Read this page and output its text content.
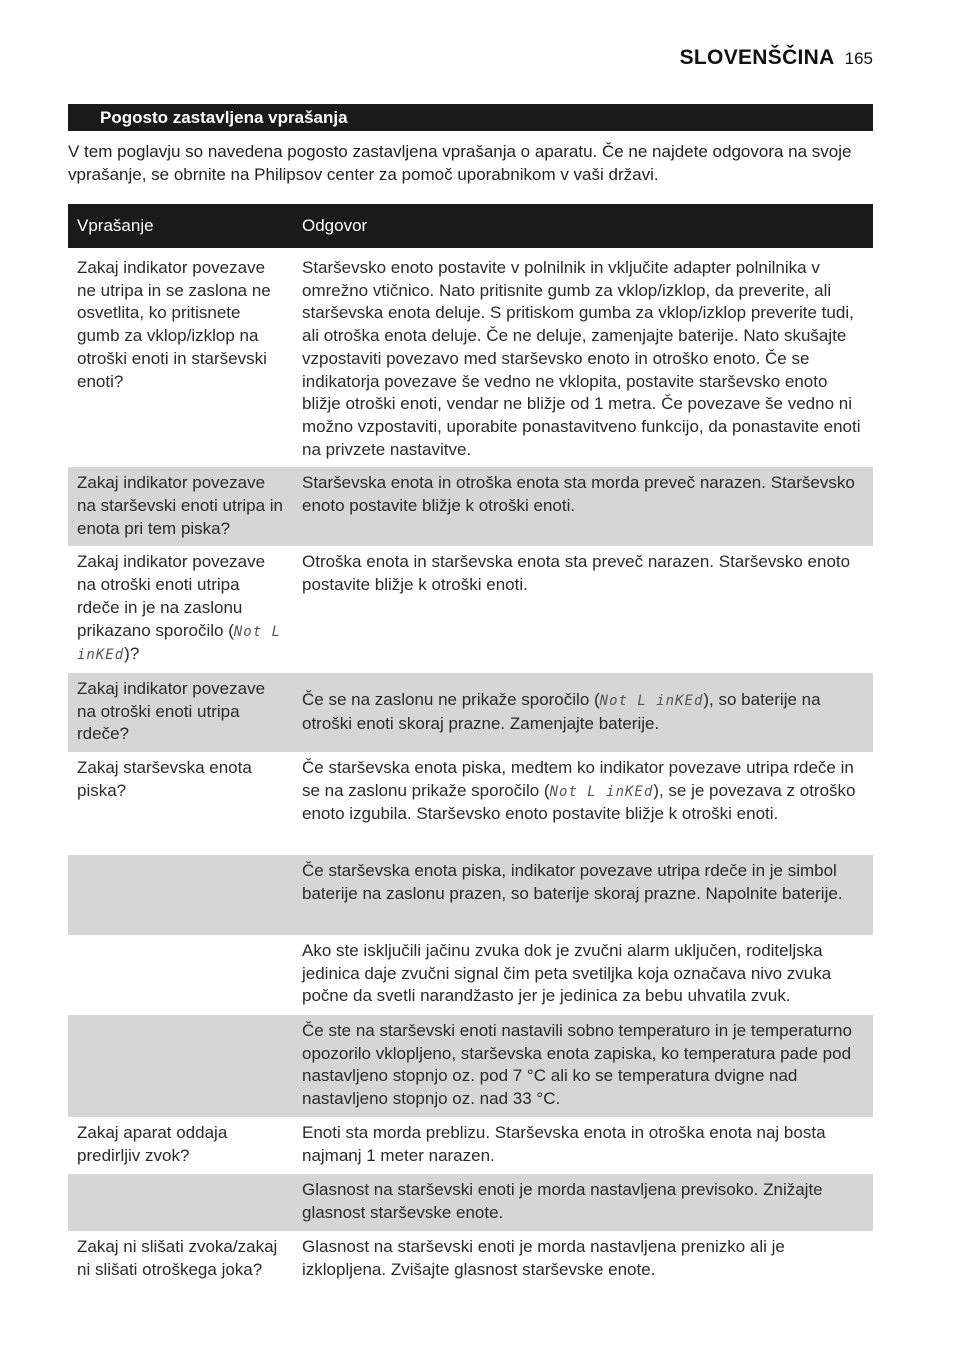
SLOVENŠČINA 165
Pogosto zastavljena vprašanja
V tem poglavju so navedena pogosto zastavljena vprašanja o aparatu. Če ne najdete odgovora na svoje vprašanje, se obrnite na Philipsov center za pomoč uporabnikom v vaši državi.
Vprašanje	Odgovor
Zakaj indikator povezave ne utripa in se zaslona ne osvetlita, ko pritisnete gumb za vklop/izklop na otroški enoti in starševski enoti?	Starševsko enoto postavite v polnilnik in vključite adapter polnilnika v omrežno vtičnico. Nato pritisnite gumb za vklop/izklop, da preverite, ali starševska enota deluje. S pritiskom gumba za vklop/izklop preverite tudi, ali otroška enota deluje. Če ne deluje, zamenjajte baterije. Nato skušajte vzpostaviti povezavo med starševsko enoto in otroško enoto. Če se indikatorja povezave še vedno ne vklopita, postavite starševsko enoto bližje otroški enoti, vendar ne bližje od 1 metra. Če povezave še vedno ni možno vzpostaviti, uporabite ponastavitveno funkcijo, da ponastavite enoti na privzete nastavitve.
Zakaj indikator povezave na starševski enoti utripa in enota pri tem piska?	Starševska enota in otroška enota sta morda preveč narazen. Starševsko enoto postavite bližje k otroški enoti.
Zakaj indikator povezave na otroški enoti utripa rdeče in je na zaslonu prikazano sporočilo (Not L inKEd)?	Otroška enota in starševska enota sta preveč narazen. Starševsko enoto postavite bližje k otroški enoti.
Zakaj indikator povezave na otroški enoti utripa rdeče?	Če se na zaslonu ne prikaže sporočilo (Not L inKEd), so baterije na otroški enoti skoraj prazne. Zamenjajte baterije.
Zakaj starševska enota piska?	Če starševska enota piska, medtem ko indikator povezave utripa rdeče in se na zaslonu prikaže sporočilo (Not L inKEd), se je povezava z otroško enoto izgubila. Starševsko enoto postavite bližje k otroški enoti.
	Če starševska enota piska, indikator povezave utripa rdeče in je simbol baterije na zaslonu prazen, so baterije skoraj prazne. Napolnite baterije.
	Ako ste isključili jačinu zvuka dok je zvučni alarm uključen, roditeljska jedinica daje zvučni signal čim peta svetiljka koja označava nivo zvuka počne da svetli narandžasto jer je jedinica za bebu uhvatila zvuk.
	Če ste na starševski enoti nastavili sobno temperaturo in je temperaturno opozorilo vklopljeno, starševska enota zapiska, ko temperatura pade pod nastavljeno stopnjo oz. pod 7 °C ali ko se temperatura dvigne nad nastavljeno stopnjo oz. nad 33 °C.
Zakaj aparat oddaja predirljiv zvok?	Enoti sta morda preblizu. Starševska enota in otroška enota naj bosta najmanj 1 meter narazen.
	Glasnost na starševski enoti je morda nastavljena previsoko. Znižajte glasnost starševske enote.
Zakaj ni slišati zvoka/zakaj ni slišati otroškega joka?	Glasnost na starševski enoti je morda nastavljena prenizko ali je izklopljena. Zvišajte glasnost starševske enote.
